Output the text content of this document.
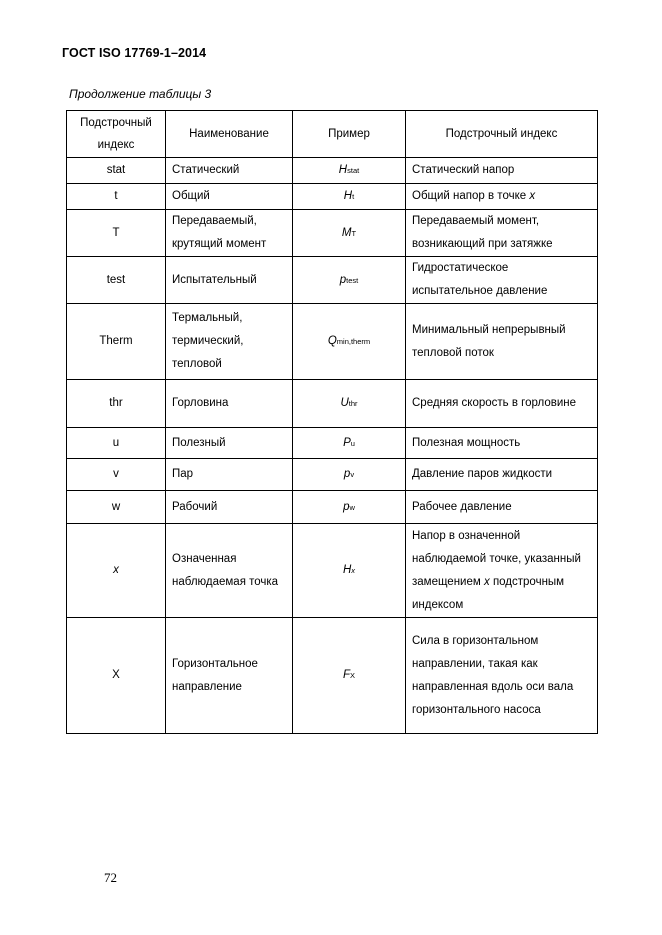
ГОСТ ISO 17769-1–2014
Продолжение таблицы 3
Подстрочный индекс	Наименование	Пример	Подстрочный индекс
stat	Статический	Hstat	Статический напор
t	Общий	Ht	Общий напор в точке x
T	Передаваемый, крутящий момент	MT	Передаваемый момент, возникающий при затяжке
test	Испытательный	ptest	Гидростатическое испытательное давление
Therm	Термальный, термический, тепловой	Qmin,therm	Минимальный непрерывный тепловой поток
thr	Горловина	Uthr	Средняя скорость в горловине
u	Полезный	Pu	Полезная мощность
v	Пар	pv	Давление паров жидкости
w	Рабочий	pw	Рабочее давление
x	Означенная наблюдаемая точка	Hx	Напор в означенной наблюдаемой точке, указанный замещением x подстрочным индексом
X	Горизонтальное направление	FX	Сила в горизонтальном направлении, такая как направленная вдоль оси вала горизонтального насоса
72
